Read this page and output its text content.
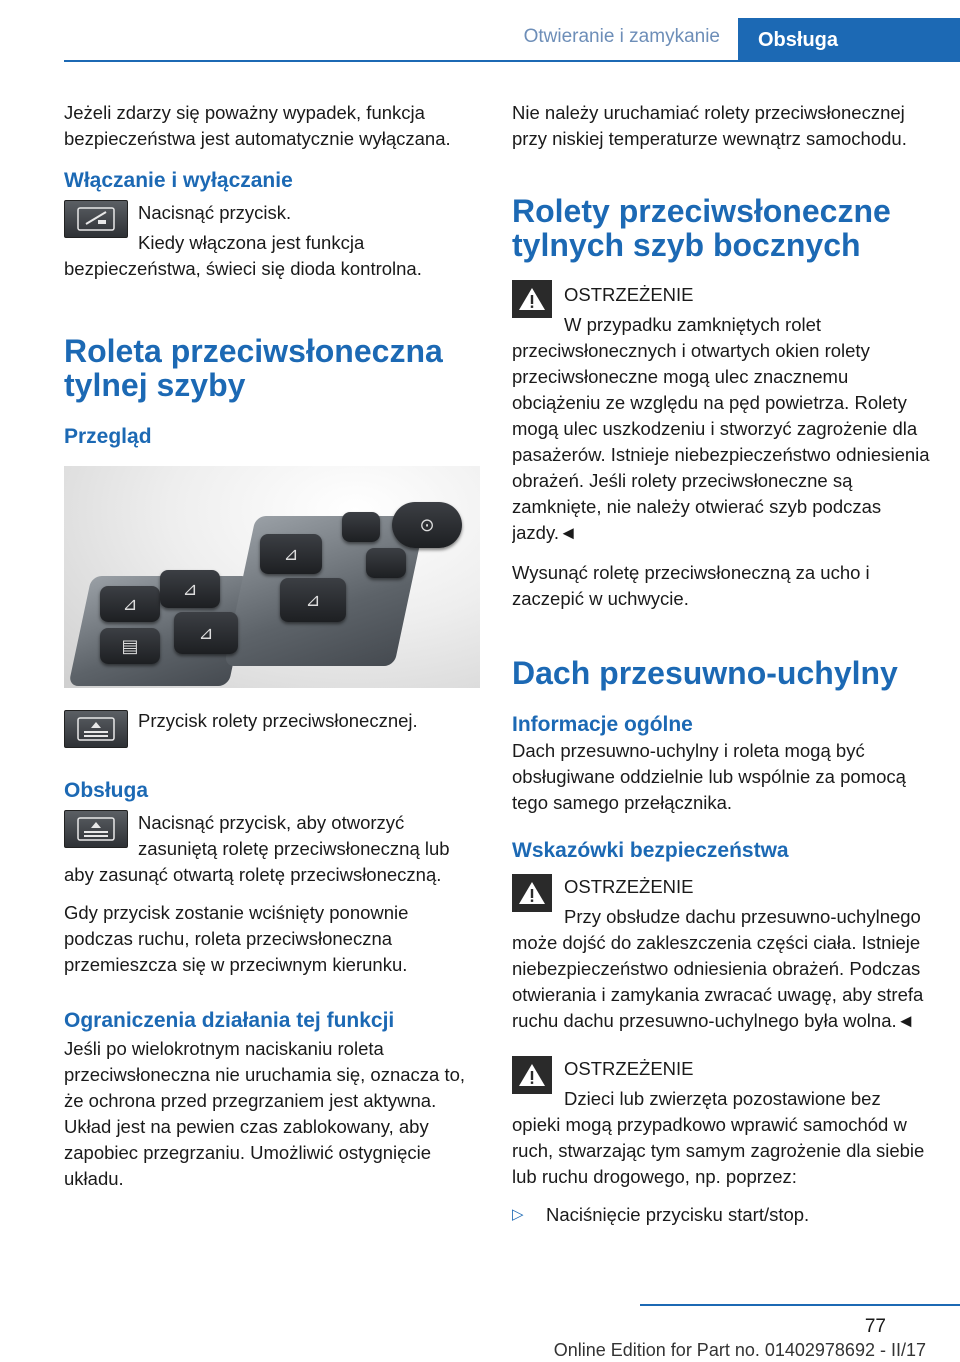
Otwieranie i zamykanie	Obsługa

Jeżeli zdarzy się poważny wypadek, funkcja bezpieczeństwa jest automatycznie wyłączana.

Włączanie i wyłączanie

Nacisnąć przycisk.

Kiedy włączona jest funkcja bezpieczeństwa, świeci się dioda kontrolna.

Roleta przeciwsłoneczna tylnej szyby
Przegląd
⊿
▤
⊿
⊿
⊿
⊿
⊙

Przycisk rolety przeciwsłonecznej.

Obsługa

Nacisnąć przycisk, aby otworzyć zasuniętą roletę przeciwsłoneczną lub aby zasunąć otwartą roletę przeciwsłoneczną.

Gdy przycisk zostanie wciśnięty ponownie podczas ruchu, roleta przeciwsłoneczna przemieszcza się w przeciwnym kierunku.

Ograniczenia działania tej funkcji

Jeśli po wielokrotnym naciskaniu roleta przeciwsłoneczna nie uruchamia się, oznacza to, że ochrona przed przegrzaniem jest aktywna. Układ jest na pewien czas zablokowany, aby zapobiec przegrzaniu. Umożliwić ostygnięcie układu.

Nie należy uruchamiać rolety przeciwsłonecznej przy niskiej temperaturze wewnątrz samochodu.

Rolety przeciwsłoneczne tylnych szyb bocznych

OSTRZEŻENIE

W przypadku zamkniętych rolet przeciwsłonecznych i otwartych okien rolety przeciwsłoneczne mogą ulec znacznemu obciążeniu ze względu na pęd powietrza. Rolety mogą ulec uszkodzeniu i stworzyć zagrożenie dla pasażerów. Istnieje niebezpieczeństwo odniesienia obrażeń. Jeśli rolety przeciwsłoneczne są zamknięte, nie należy otwierać szyb podczas jazdy.◄

Wysunąć roletę przeciwsłoneczną za ucho i zaczepić w uchwycie.

Dach przesuwno-uchylny
Informacje ogólne

Dach przesuwno-uchylny i roleta mogą być obsługiwane oddzielnie lub wspólnie za pomocą tego samego przełącznika.

Wskazówki bezpieczeństwa

OSTRZEŻENIE

Przy obsłudze dachu przesuwno-uchylnego może dojść do zakleszczenia części ciała. Istnieje niebezpieczeństwo odniesienia obrażeń. Podczas otwierania i zamykania zwracać uwagę, aby strefa ruchu dachu przesuwno-uchylnego była wolna.◄

OSTRZEŻENIE

Dzieci lub zwierzęta pozostawione bez opieki mogą przypadkowo wprawić samochód w ruch, stwarzając tym samym zagrożenie dla siebie lub ruchu drogowego, np. poprzez:

▷	Naciśnięcie przycisku start/stop.

77
Online Edition for Part no. 01402978692 - II/17
